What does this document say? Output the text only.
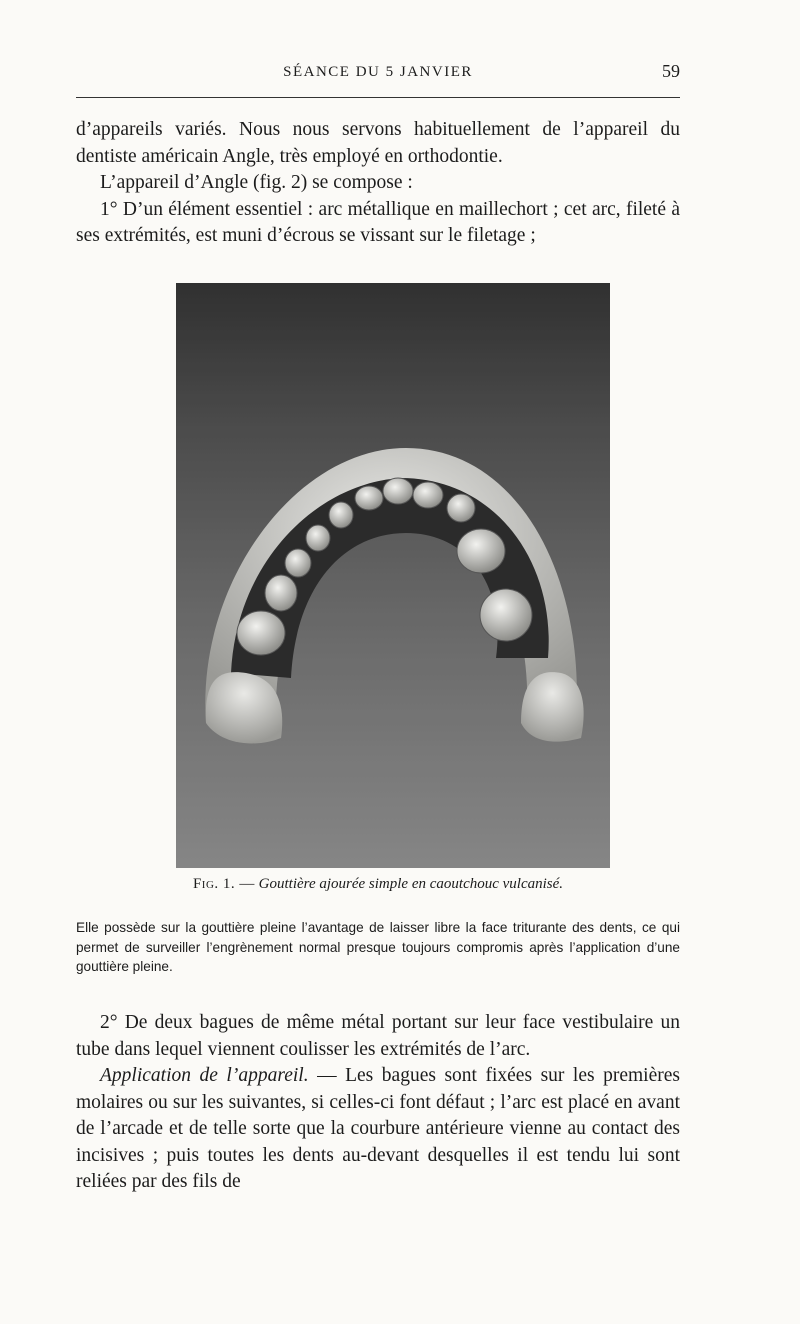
SÉANCE DU 5 JANVIER	59

d’appareils variés. Nous nous servons habituellement de l’appareil du dentiste américain Angle, très employé en orthodontie.

L’appareil d’Angle (fig. 2) se compose :

1° D’un élément essentiel : arc métallique en maillechort ; cet arc, fileté à ses extrémités, est muni d’écrous se vissant sur le filetage ;

Fig. 1. — Gouttière ajourée simple en caoutchouc vulcanisé.

Elle possède sur la gouttière pleine l’avantage de laisser libre la face triturante des dents, ce qui permet de surveiller l’engrènement normal presque toujours compromis après l’application d’une gouttière pleine.

2° De deux bagues de même métal portant sur leur face vestibulaire un tube dans lequel viennent coulisser les extrémités de l’arc.

Application de l’appareil. — Les bagues sont fixées sur les premières molaires ou sur les suivantes, si celles-ci font défaut ; l’arc est placé en avant de l’arcade et de telle sorte que la courbure antérieure vienne au contact des incisives ; puis toutes les dents au-devant desquelles il est tendu lui sont reliées par des fils de
